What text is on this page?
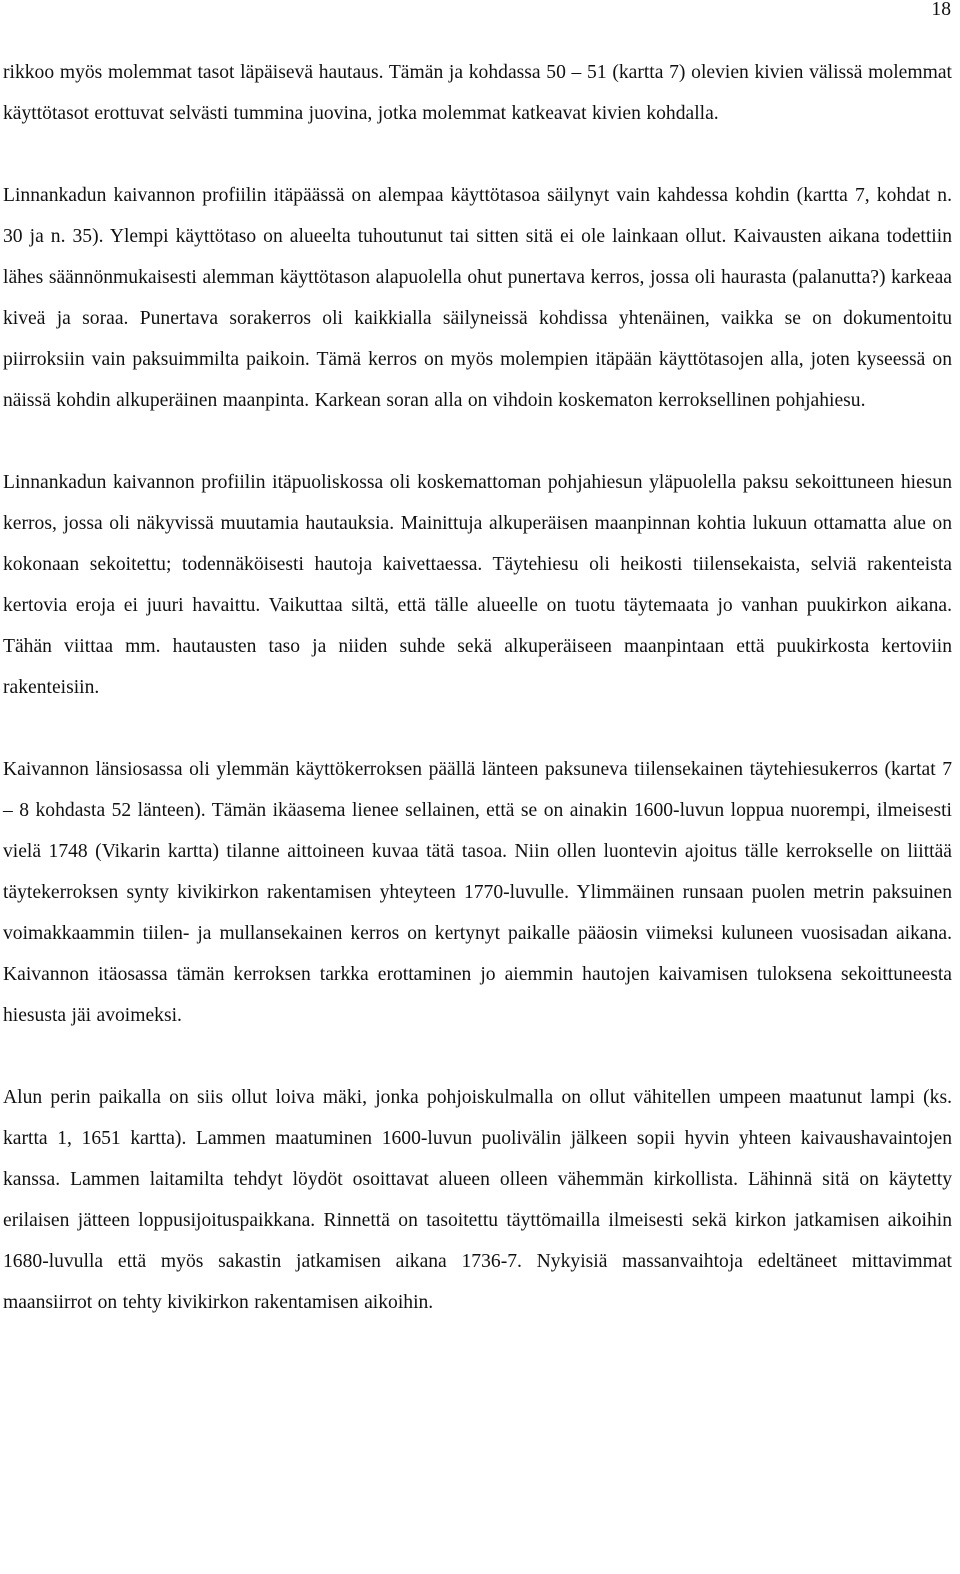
18

rikkoo myös molemmat tasot läpäisevä hautaus. Tämän ja kohdassa 50 – 51 (kartta 7) olevien kivien välissä molemmat käyttötasot erottuvat selvästi tummina juovina, jotka molemmat katkeavat kivien kohdalla.

Linnankadun kaivannon profiilin itäpäässä on alempaa käyttötasoa säilynyt vain kahdessa kohdin (kartta 7, kohdat n. 30 ja n. 35). Ylempi käyttötaso on alueelta tuhoutunut tai sitten sitä ei ole lainkaan ollut. Kaivausten aikana todettiin lähes säännönmukaisesti alemman käyttötason alapuolella ohut punertava kerros, jossa oli haurasta (palanutta?) karkeaa kiveä ja soraa. Punertava sorakerros oli kaikkialla säilyneissä kohdissa yhtenäinen, vaikka se on dokumentoitu piirroksiin vain paksuimmilta paikoin. Tämä kerros on myös molempien itäpään käyttötasojen alla, joten kyseessä on näissä kohdin alkuperäinen maanpinta. Karkean soran alla on vihdoin koskematon kerroksellinen pohjahiesu.

Linnankadun kaivannon profiilin itäpuoliskossa oli koskemattoman pohjahiesun yläpuolella paksu sekoittuneen hiesun kerros, jossa oli näkyvissä muutamia hautauksia. Mainittuja alkuperäisen maanpinnan kohtia lukuun ottamatta alue on kokonaan sekoitettu; todennäköisesti hautoja kaivettaessa. Täytehiesu oli heikosti tiilensekaista, selviä rakenteista kertovia eroja ei juuri havaittu. Vaikuttaa siltä, että tälle alueelle on tuotu täytemaata jo vanhan puukirkon aikana. Tähän viittaa mm. hautausten taso ja niiden suhde sekä alkuperäiseen maanpintaan että puukirkosta kertoviin rakenteisiin.

Kaivannon länsiosassa oli ylemmän käyttökerroksen päällä länteen paksuneva tiilensekainen täytehiesukerros (kartat 7 – 8 kohdasta 52 länteen). Tämän ikäasema lienee sellainen, että se on ainakin 1600-luvun loppua nuorempi, ilmeisesti vielä 1748 (Vikarin kartta) tilanne aittoineen kuvaa tätä tasoa. Niin ollen luontevin ajoitus tälle kerrokselle on liittää täytekerroksen synty kivikirkon rakentamisen yhteyteen 1770-luvulle. Ylimmäinen runsaan puolen metrin paksuinen voimakkaammin tiilen- ja mullansekainen kerros on kertynyt paikalle pääosin viimeksi kuluneen vuosisadan aikana. Kaivannon itäosassa tämän kerroksen tarkka erottaminen jo aiemmin hautojen kaivamisen tuloksena sekoittuneesta hiesusta jäi avoimeksi.

Alun perin paikalla on siis ollut loiva mäki, jonka pohjoiskulmalla on ollut vähitellen umpeen maatunut lampi (ks. kartta 1, 1651 kartta). Lammen maatuminen 1600-luvun puolivälin jälkeen sopii hyvin yhteen kaivaushavaintojen kanssa. Lammen laitamilta tehdyt löydöt osoittavat alueen olleen vähemmän kirkollista. Lähinnä sitä on käytetty erilaisen jätteen loppusijoituspaikkana. Rinnettä on tasoitettu täyttömailla ilmeisesti sekä kirkon jatkamisen aikoihin 1680-luvulla että myös sakastin jatkamisen aikana 1736-7. Nykyisiä massanvaihtoja edeltäneet mittavimmat maansiirrot on tehty kivikirkon rakentamisen aikoihin.
